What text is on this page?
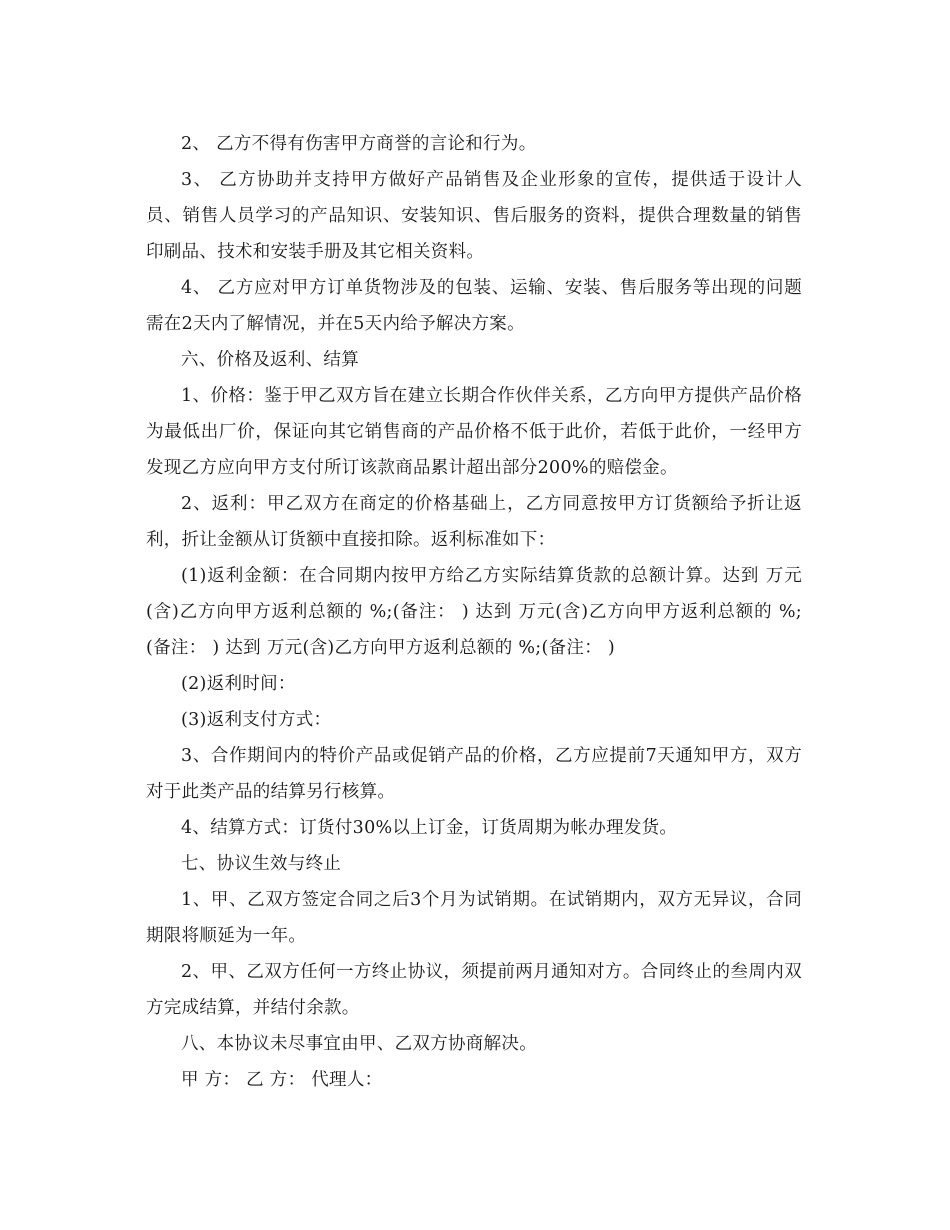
2、 乙方不得有伤害甲方商誉的言论和行为。

3、 乙方协助并支持甲方做好产品销售及企业形象的宣传，提供适于设计人员、销售人员学习的产品知识、安装知识、售后服务的资料，提供合理数量的销售印刷品、技术和安装手册及其它相关资料。

4、 乙方应对甲方订单货物涉及的包装、运输、安装、售后服务等出现的问题需在2天内了解情况，并在5天内给予解决方案。

六、价格及返利、结算

1、价格：鉴于甲乙双方旨在建立长期合作伙伴关系，乙方向甲方提供产品价格为最低出厂价，保证向其它销售商的产品价格不低于此价，若低于此价，一经甲方发现乙方应向甲方支付所订该款商品累计超出部分200%的赔偿金。

2、返利：甲乙双方在商定的价格基础上，乙方同意按甲方订货额给予折让返利，折让金额从订货额中直接扣除。返利标准如下：

(1)返利金额：在合同期内按甲方给乙方实际结算货款的总额计算。达到 万元(含)乙方向甲方返利总额的 %;(备注： ) 达到 万元(含)乙方向甲方返利总额的 %;(备注： ) 达到 万元(含)乙方向甲方返利总额的 %;(备注： )

(2)返利时间：

(3)返利支付方式：

3、合作期间内的特价产品或促销产品的价格，乙方应提前7天通知甲方，双方对于此类产品的结算另行核算。

4、结算方式：订货付30%以上订金，订货周期为帐办理发货。

七、协议生效与终止

1、甲、乙双方签定合同之后3个月为试销期。在试销期内，双方无异议，合同期限将顺延为一年。

2、甲、乙双方任何一方终止协议，须提前两月通知对方。合同终止的叁周内双方完成结算，并结付余款。

八、本协议未尽事宜由甲、乙双方协商解决。

甲 方： 乙 方： 代理人：
